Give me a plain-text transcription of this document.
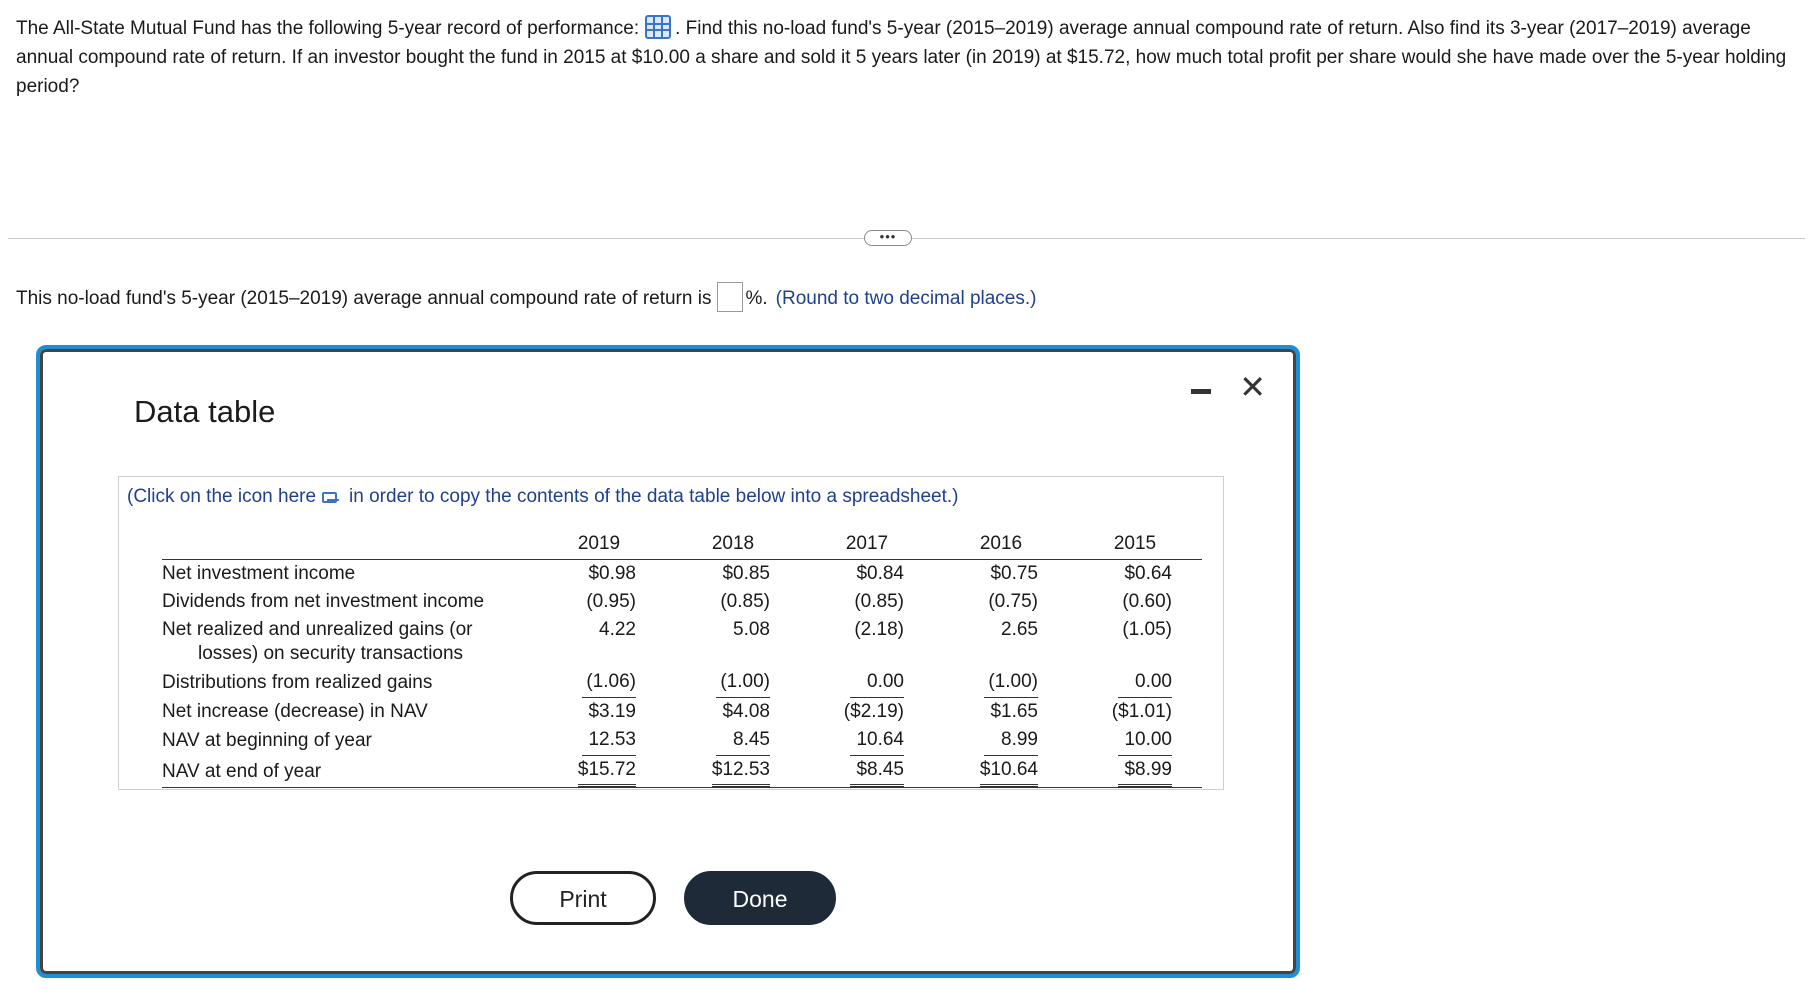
The All-State Mutual Fund has the following 5-year record of performance: . Find this no-load fund's 5-year (2015–2019) average annual compound rate of return. Also find its 3-year (2017–2019) average annual compound rate of return. If an investor bought the fund in 2015 at $10.00 a share and sold it 5 years later (in 2019) at $15.72, how much total profit per share would she have made over the 5-year holding period?
•••
This no-load fund's 5-year (2015–2019) average annual compound rate of return is %. (Round to two decimal places.)
Data table
✕
(Click on the icon here in order to copy the contents of the data table below into a spreadsheet.)
	2019	2018	2017	2016	2015
Net investment income	$0.98	$0.85	$0.84	$0.75	$0.64
Dividends from net investment income	(0.95)	(0.85)	(0.85)	(0.75)	(0.60)

Net realized and unrealized gains (or
losses) on security transactions	4.22	5.08	(2.18)	2.65	(1.05)
Distributions from realized gains	(1.06)	(1.00)	0.00	(1.00)	0.00
Net increase (decrease) in NAV	$3.19	$4.08	($2.19)	$1.65	($1.01)
NAV at beginning of year	12.53	8.45	10.64	8.99	10.00
NAV at end of year	$15.72	$12.53	$8.45	$10.64	$8.99
Print	Done
